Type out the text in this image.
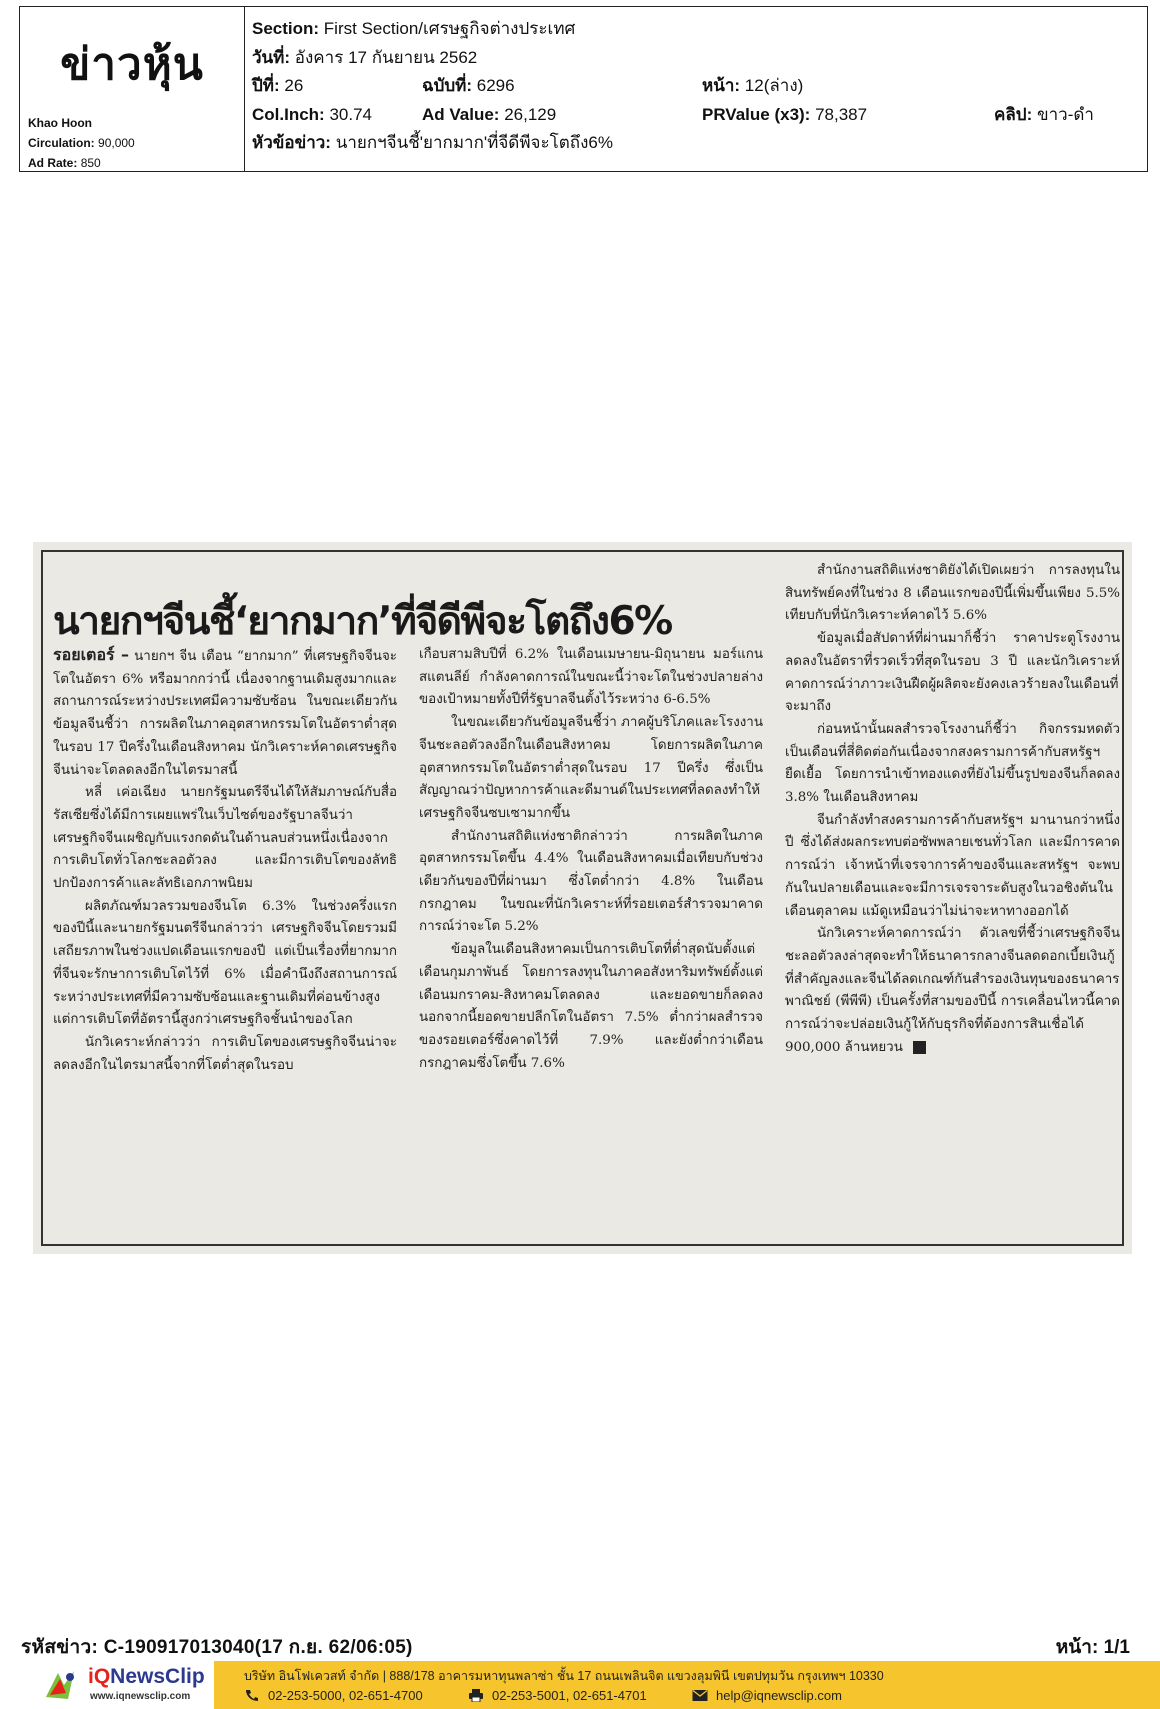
ข่าวหุ้น
Khao Hoon
Circulation: 90,000
Ad Rate: 850
Section: First Section/เศรษฐกิจต่างประเทศ
วันที่: อังคาร 17 กันยายน 2562
ปีที่: 26	ฉบับที่: 6296	หน้า: 12(ล่าง)
Col.Inch: 30.74	Ad Value: 26,129	PRValue (x3): 78,387	คลิป: ขาว-ดำ
หัวข้อข่าว: นายกฯจีนชี้'ยากมาก'ที่จีดีพีจะโตถึง6%
นายกฯจีนชี้‘ยากมาก’ที่จีดีพีจะโตถึง6%

รอยเตอร์ – นายกฯ จีน เตือน “ยากมาก” ที่เศรษฐกิจจีนจะโตในอัตรา 6% หรือมากกว่านี้ เนื่องจากฐานเดิมสูงมากและสถานการณ์ระหว่างประเทศมีความซับซ้อน ในขณะเดียวกันข้อมูลจีนชี้ว่า การผลิตในภาคอุตสาหกรรมโตในอัตราต่ำสุดในรอบ 17 ปีครึ่งในเดือนสิงหาคม นักวิเคราะห์คาดเศรษฐกิจจีนน่าจะโตลดลงอีกในไตรมาสนี้

หลี่ เค่อเฉียง นายกรัฐมนตรีจีนได้ให้สัมภาษณ์กับสื่อรัสเซียซึ่งได้มีการเผยแพร่ในเว็บไซต์ของรัฐบาลจีนว่า เศรษฐกิจจีนเผชิญกับแรงกดดันในด้านลบส่วนหนึ่งเนื่องจากการเติบโตทั่วโลกชะลอตัวลง และมีการเติบโตของลัทธิปกป้องการค้าและลัทธิเอกภาพนิยม

ผลิตภัณฑ์มวลรวมของจีนโต 6.3% ในช่วงครึ่งแรกของปีนี้และนายกรัฐมนตรีจีนกล่าวว่า เศรษฐกิจจีนโดยรวมมีเสถียรภาพในช่วงแปดเดือนแรกของปี แต่เป็นเรื่องที่ยากมากที่จีนจะรักษาการเติบโตไว้ที่ 6% เมื่อคำนึงถึงสถานการณ์ระหว่างประเทศที่มีความซับซ้อนและฐานเดิมที่ค่อนข้างสูงแต่การเติบโตที่อัตรานี้สูงกว่าเศรษฐกิจชั้นนำของโลก

นักวิเคราะห์กล่าวว่า การเติบโตของเศรษฐกิจจีนน่าจะลดลงอีกในไตรมาสนี้จากที่โตต่ำสุดในรอบ

เกือบสามสิบปีที่ 6.2% ในเดือนเมษายน-มิถุนายน มอร์แกน สแตนลีย์ กำลังคาดการณ์ในขณะนี้ว่าจะโตในช่วงปลายล่างของเป้าหมายทั้งปีที่รัฐบาลจีนตั้งไว้ระหว่าง 6-6.5%

ในขณะเดียวกันข้อมูลจีนชี้ว่า ภาคผู้บริโภคและโรงงานจีนชะลอตัวลงอีกในเดือนสิงหาคม โดยการผลิตในภาคอุตสาหกรรมโตในอัตราต่ำสุดในรอบ 17 ปีครึ่ง ซึ่งเป็นสัญญาณว่าปัญหาการค้าและดีมานด์ในประเทศที่ลดลงทำให้เศรษฐกิจจีนซบเซามากขึ้น

สำนักงานสถิติแห่งชาติกล่าวว่า การผลิตในภาคอุตสาหกรรมโตขึ้น 4.4% ในเดือนสิงหาคมเมื่อเทียบกับช่วงเดียวกันของปีที่ผ่านมา ซึ่งโตต่ำกว่า 4.8% ในเดือนกรกฎาคม ในขณะที่นักวิเคราะห์ที่รอยเตอร์สำรวจมาคาดการณ์ว่าจะโต 5.2%

ข้อมูลในเดือนสิงหาคมเป็นการเติบโตที่ต่ำสุดนับตั้งแต่เดือนกุมภาพันธ์ โดยการลงทุนในภาคอสังหาริมทรัพย์ตั้งแต่เดือนมกราคม-สิงหาคมโตลดลง และยอดขายก็ลดลง นอกจากนี้ยอดขายปลีกโตในอัตรา 7.5% ต่ำกว่าผลสำรวจของรอยเตอร์ซึ่งคาดไว้ที่ 7.9% และยังต่ำกว่าเดือนกรกฎาคมซึ่งโตขึ้น 7.6%

สำนักงานสถิติแห่งชาติยังได้เปิดเผยว่า การลงทุนในสินทรัพย์คงที่ในช่วง 8 เดือนแรกของปีนี้เพิ่มขึ้นเพียง 5.5% เทียบกับที่นักวิเคราะห์คาดไว้ 5.6%

ข้อมูลเมื่อสัปดาห์ที่ผ่านมาก็ชี้ว่า ราคาประตูโรงงานลดลงในอัตราที่รวดเร็วที่สุดในรอบ 3 ปี และนักวิเคราะห์คาดการณ์ว่าภาวะเงินฝืดผู้ผลิตจะยังคงเลวร้ายลงในเดือนที่จะมาถึง

ก่อนหน้านั้นผลสำรวจโรงงานก็ชี้ว่า กิจกรรมหดตัวเป็นเดือนที่สี่ติดต่อกันเนื่องจากสงครามการค้ากับสหรัฐฯ ยืดเยื้อ โดยการนำเข้าทองแดงที่ยังไม่ขึ้นรูปของจีนก็ลดลง 3.8% ในเดือนสิงหาคม

จีนกำลังทำสงครามการค้ากับสหรัฐฯ มานานกว่าหนึ่งปี ซึ่งได้ส่งผลกระทบต่อซัพพลายเชนทั่วโลก และมีการคาดการณ์ว่า เจ้าหน้าที่เจรจาการค้าของจีนและสหรัฐฯ จะพบกันในปลายเดือนและจะมีการเจรจาระดับสูงในวอชิงตันในเดือนตุลาคม แม้ดูเหมือนว่าไม่น่าจะหาทางออกได้

นักวิเคราะห์คาดการณ์ว่า ตัวเลขที่ชี้ว่าเศรษฐกิจจีนชะลอตัวลงล่าสุดจะทำให้ธนาคารกลางจีนลดดอกเบี้ยเงินกู้ที่สำคัญลงและจีนได้ลดเกณฑ์กันสำรองเงินทุนของธนาคารพาณิชย์ (พีพีพี) เป็นครั้งที่สามของปีนี้ การเคลื่อนไหวนี้คาดการณ์ว่าจะปล่อยเงินกู้ให้กับธุรกิจที่ต้องการสินเชื่อได้ 900,000 ล้านหยวน

รหัสข่าว: C-190917013040(17 ก.ย. 62/06:05)	หน้า: 1/1
iQNewsClip
www.iqnewsclip.com
บริษัท อินโฟเควสท์ จำกัด | 888/178 อาคารมหาทุนพลาซ่า ชั้น 17 ถนนเพลินจิต แขวงลุมพินี เขตปทุมวัน กรุงเทพฯ 10330
02-253-5000, 02-651-4700	02-253-5001, 02-651-4701	help@iqnewsclip.com
